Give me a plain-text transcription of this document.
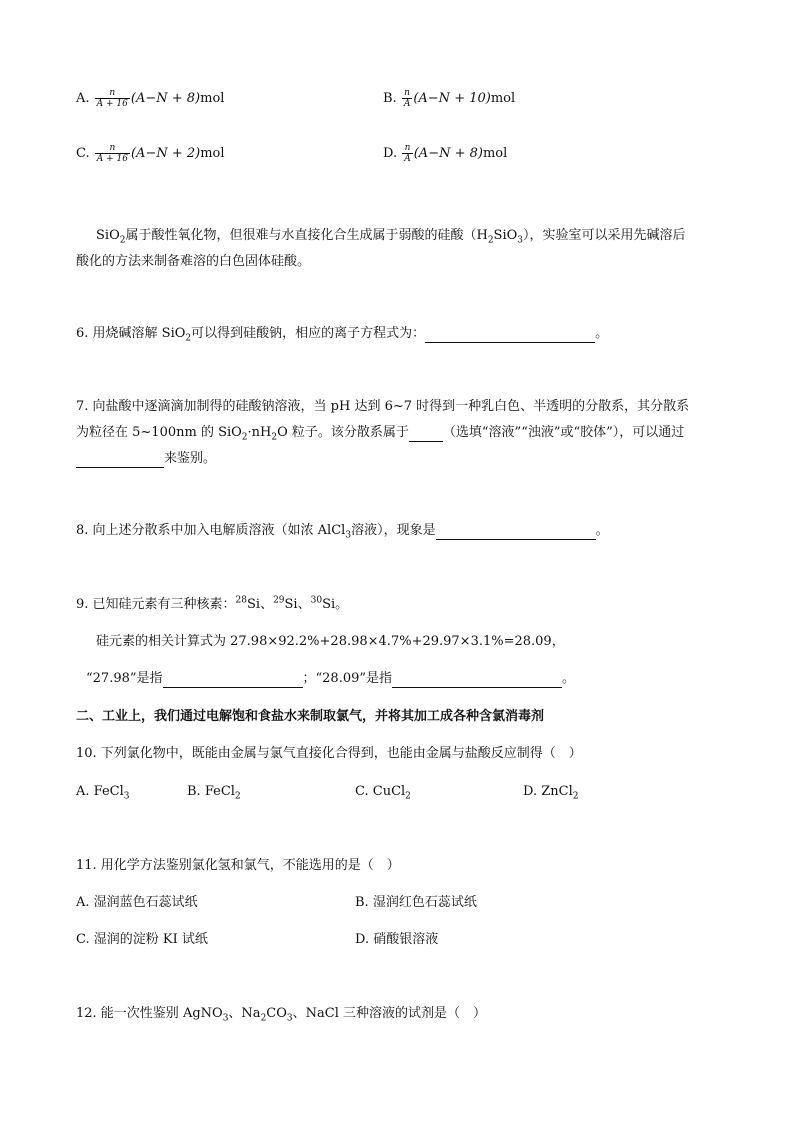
A. $\frac{n}{A + 16} (A-N + 8)mol$	B. $\frac{n}{A} (A-N + 10)mol$
C. $\frac{n}{A + 16} (A-N + 2)mol$	D. $\frac{n}{A} (A-N + 8)mol$
SiO$_2$属于酸性氧化物，但很难与水直接化合生成属于弱酸的硅酸$(H_2SiO_3)$，实验室可以采用先碱溶后
酸化的方法来制备难溶的白色固体硅酸。
6. 用烧碱溶解 SiO$_2$可以得到硅酸钠，相应的离子方程式为：	。
7. 向盐酸中逐滴滴加制得的硅酸钠溶液，当 pH 达到 6~7 时得到一种乳白色、半透明的分散系，其分散系
为粒径在 5~100nm 的 $SiO_2\cdot nH_2O$ 粒子。该分散系属于	（选填“溶液”“浊液”或“胶体”），可以通过
来鉴别。
8. 向上述分散系中加入电解质溶液（如浓 AlCl$_3$溶液），现象是	。
9. 已知硅元素有三种核素：$^{28}$Si、$^{29}$Si、$^{30}$Si。
硅元素的相关计算式为 27.98×92.2%+28.98×4.7%+29.97×3.1%=28.09，
“27.98”是指	；“28.09”是指	。
二、工业上，我们通过电解饱和食盐水来制取氯气，并将其加工成各种含氯消毒剂
10. 下列氯化物中，既能由金属与氯气直接化合得到，也能由金属与盐酸反应制得（　）
A. FeCl$_3$	B. FeCl$_2$	C. CuCl$_2$	D. ZnCl$_2$
11. 用化学方法鉴别氯化氢和氯气，不能选用的是（　）
A. 湿润蓝色石蕊试纸	B. 湿润红色石蕊试纸
C. 湿润的淀粉 KI 试纸	D. 硝酸银溶液
12. 能一次性鉴别 AgNO$_3$、$Na_2CO_3$、NaCl 三种溶液的试剂是（　）
